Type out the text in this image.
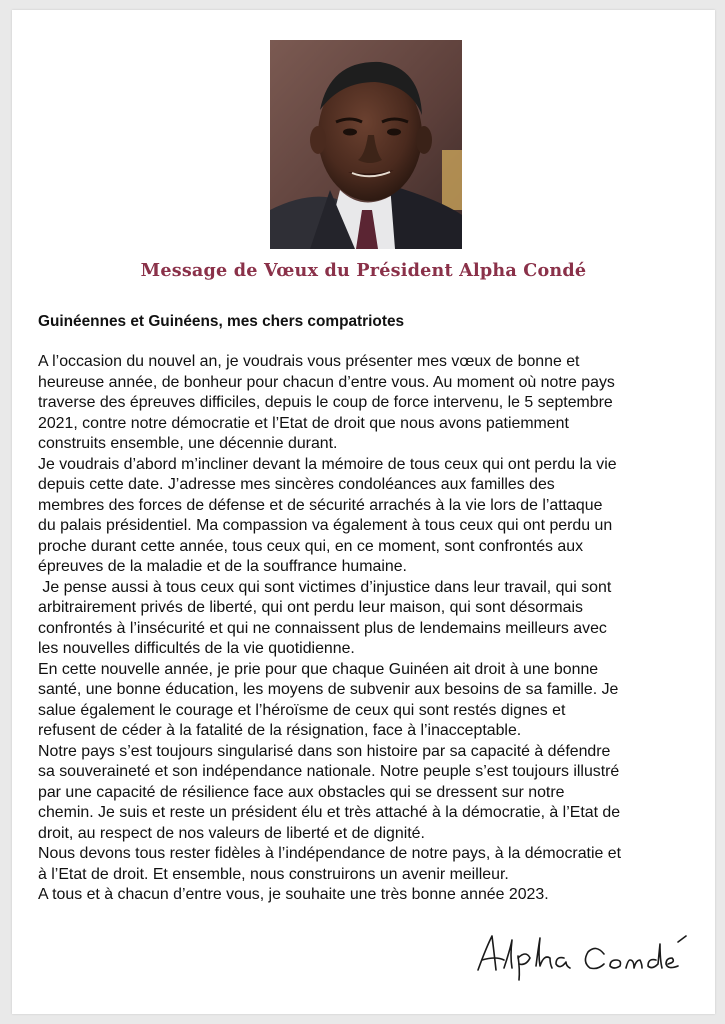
Message de Vœux du Président Alpha Condé
Guinéennes et Guinéens, mes chers compatriotes
A l’occasion du nouvel an, je voudrais vous présenter mes vœux de bonne et
heureuse année, de bonheur pour chacun d’entre vous. Au moment où notre pays
traverse des épreuves difficiles, depuis le coup de force intervenu, le 5 septembre
2021, contre notre démocratie et l’Etat de droit que nous avons patiemment
construits ensemble, une décennie durant.
Je voudrais d’abord m’incliner devant la mémoire de tous ceux qui ont perdu la vie
depuis cette date. J’adresse mes sincères condoléances aux familles des
membres des forces de défense et de sécurité arrachés à la vie lors de l’attaque
du palais présidentiel. Ma compassion va également à tous ceux qui ont perdu un
proche durant cette année, tous ceux qui, en ce moment, sont confrontés aux
épreuves de la maladie et de la souffrance humaine.
Je pense aussi à tous ceux qui sont victimes d’injustice dans leur travail, qui sont
arbitrairement privés de liberté, qui ont perdu leur maison, qui sont désormais
confrontés à l’insécurité et qui ne connaissent plus de lendemains meilleurs avec
les nouvelles difficultés de la vie quotidienne.
En cette nouvelle année, je prie pour que chaque Guinéen ait droit à une bonne
santé, une bonne éducation, les moyens de subvenir aux besoins de sa famille. Je
salue également le courage et l’héroïsme de ceux qui sont restés dignes et
refusent de céder à la fatalité de la résignation, face à l’inacceptable.
Notre pays s’est toujours singularisé dans son histoire par sa capacité à défendre
sa souveraineté et son indépendance nationale. Notre peuple s’est toujours illustré
par une capacité de résilience face aux obstacles qui se dressent sur notre
chemin. Je suis et reste un président élu et très attaché à la démocratie, à l’Etat de
droit, au respect de nos valeurs de liberté et de dignité.
Nous devons tous rester fidèles à l’indépendance de notre pays, à la démocratie et
à l’Etat de droit. Et ensemble, nous construirons un avenir meilleur.
A tous et à chacun d’entre vous, je souhaite une très bonne année 2023.
